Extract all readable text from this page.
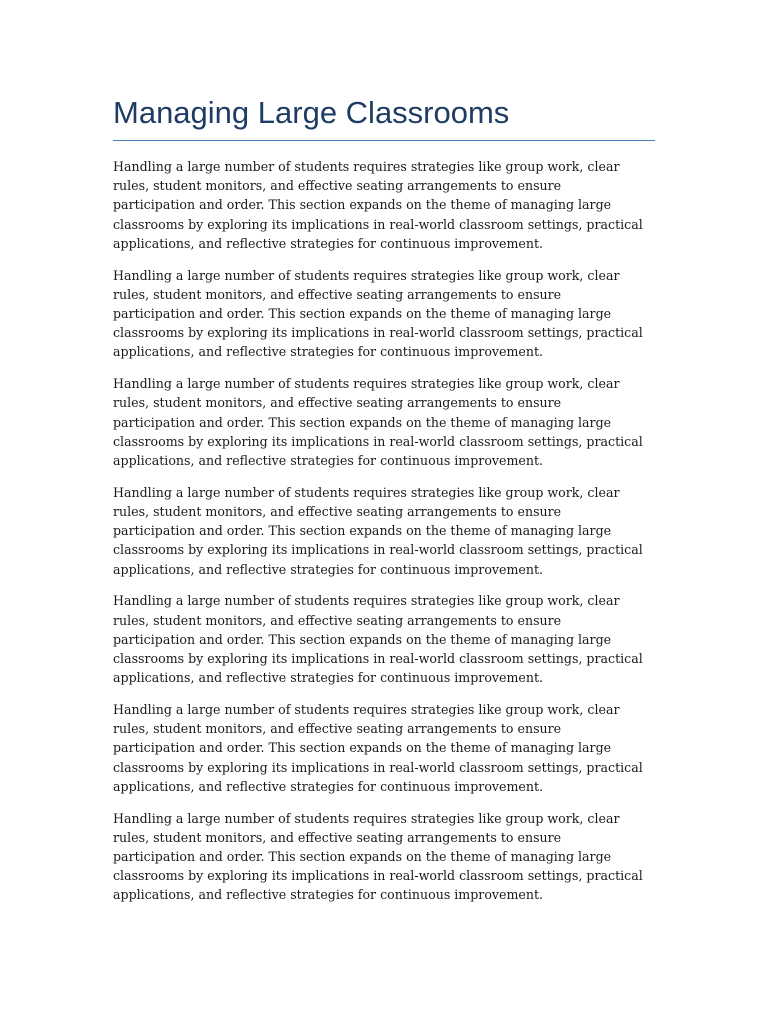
Managing Large Classrooms

Handling a large number of students requires strategies like group work, clear rules, student monitors, and effective seating arrangements to ensure participation and order. This section expands on the theme of managing large classrooms by exploring its implications in real-world classroom settings, practical applications, and reflective strategies for continuous improvement.

Handling a large number of students requires strategies like group work, clear rules, student monitors, and effective seating arrangements to ensure participation and order. This section expands on the theme of managing large classrooms by exploring its implications in real-world classroom settings, practical applications, and reflective strategies for continuous improvement.

Handling a large number of students requires strategies like group work, clear rules, student monitors, and effective seating arrangements to ensure participation and order. This section expands on the theme of managing large classrooms by exploring its implications in real-world classroom settings, practical applications, and reflective strategies for continuous improvement.

Handling a large number of students requires strategies like group work, clear rules, student monitors, and effective seating arrangements to ensure participation and order. This section expands on the theme of managing large classrooms by exploring its implications in real-world classroom settings, practical applications, and reflective strategies for continuous improvement.

Handling a large number of students requires strategies like group work, clear rules, student monitors, and effective seating arrangements to ensure participation and order. This section expands on the theme of managing large classrooms by exploring its implications in real-world classroom settings, practical applications, and reflective strategies for continuous improvement.

Handling a large number of students requires strategies like group work, clear rules, student monitors, and effective seating arrangements to ensure participation and order. This section expands on the theme of managing large classrooms by exploring its implications in real-world classroom settings, practical applications, and reflective strategies for continuous improvement.

Handling a large number of students requires strategies like group work, clear rules, student monitors, and effective seating arrangements to ensure participation and order. This section expands on the theme of managing large classrooms by exploring its implications in real-world classroom settings, practical applications, and reflective strategies for continuous improvement.
